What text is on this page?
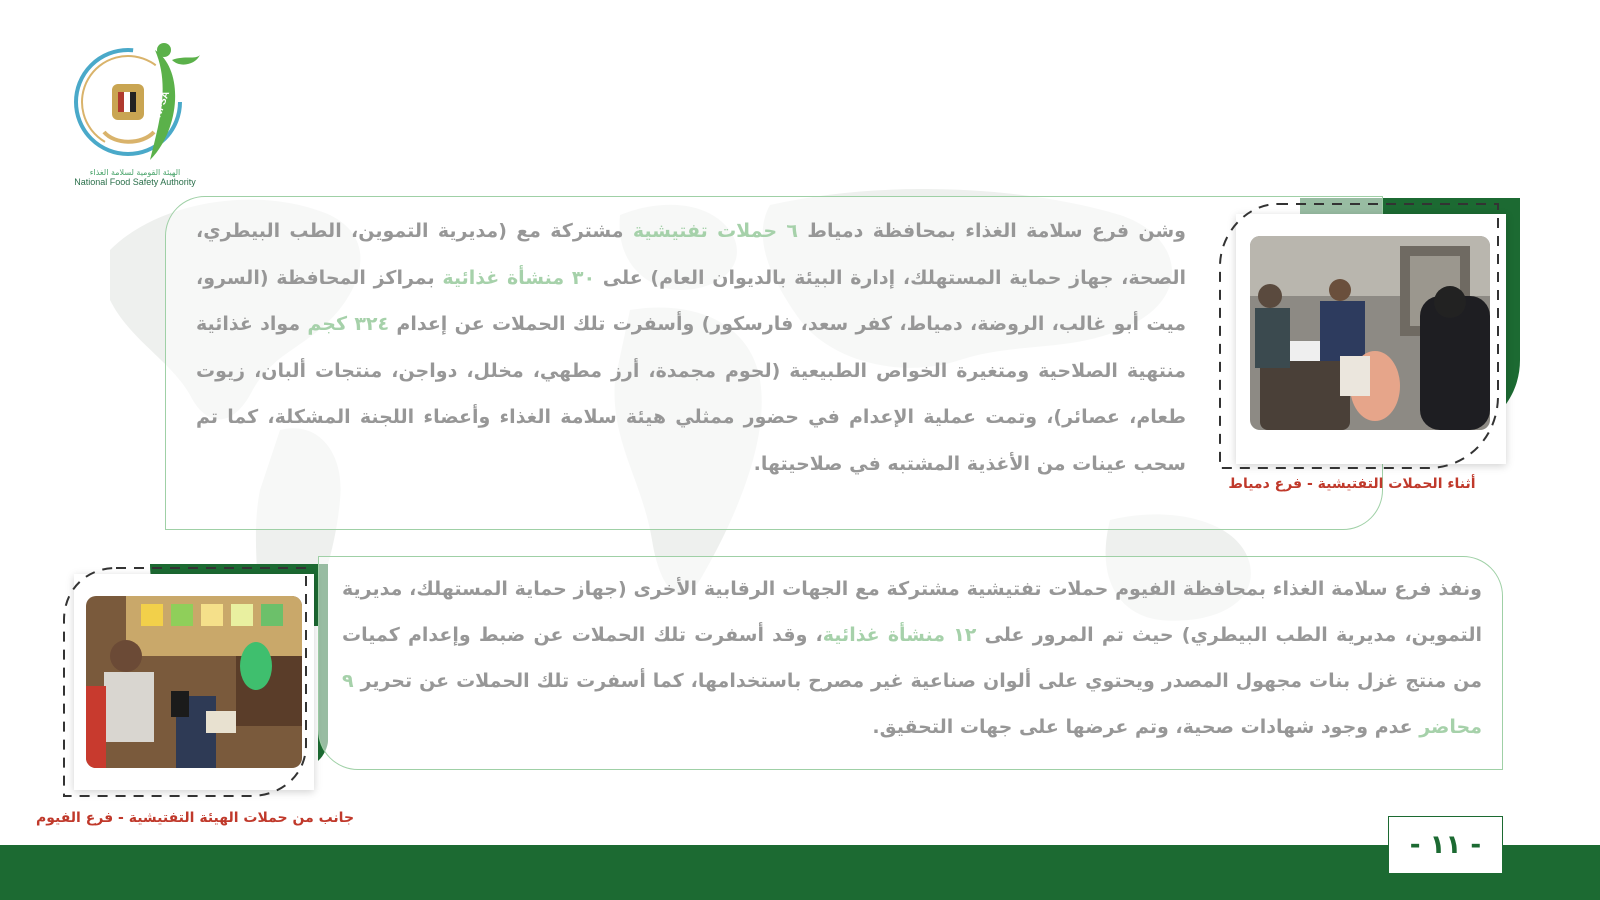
NFSA
الهيئة القومية لسلامة الغذاء
National Food Safety Authority
أثناء الحملات التفتيشية - فرع دمياط
جانب من حملات الهيئة التفتيشية - فرع الفيوم
- ١١ -
